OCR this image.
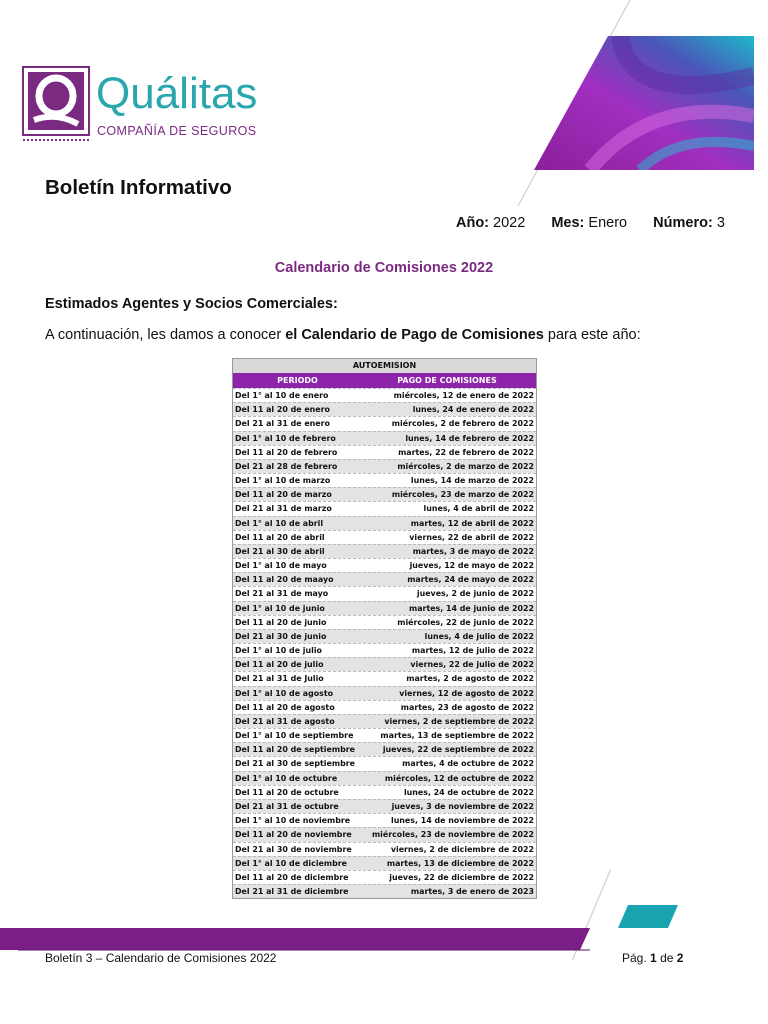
Quálitas
COMPAÑÍA DE SEGUROS
Boletín Informativo
Año: 2022 Mes: Enero Número: 3
Calendario de Comisiones 2022
Estimados Agentes y Socios Comerciales:
A continuación, les damos a conocer el Calendario de Pago de Comisiones para este año:
AUTOEMISION
PERIODO	PAGO DE COMISIONES
Del 1° al 10 de enero	miércoles, 12 de enero de 2022
Del 11 al 20 de enero	lunes, 24 de enero de 2022
Del 21 al 31 de enero	miércoles, 2 de febrero de 2022
Del 1° al 10 de febrero	lunes, 14 de febrero de 2022
Del 11 al 20 de febrero	martes, 22 de febrero de 2022
Del 21 al 28 de febrero	miércoles, 2 de marzo de 2022
Del 1° al 10 de marzo	lunes, 14 de marzo de 2022
Del 11 al 20 de marzo	miércoles, 23 de marzo de 2022
Del 21 al 31 de marzo	lunes, 4 de abril de 2022
Del 1° al 10 de abril	martes, 12 de abril de 2022
Del 11 al 20 de abril	viernes, 22 de abril de 2022
Del 21 al 30 de abril	martes, 3 de mayo de 2022
Del 1° al 10 de mayo	jueves, 12 de mayo de 2022
Del 11 al 20 de maayo	martes, 24 de mayo de 2022
Del 21 al 31 de mayo	jueves, 2 de junio de 2022
Del 1° al 10 de junio	martes, 14 de junio de 2022
Del 11 al 20 de junio	miércoles, 22 de junio de 2022
Del 21 al 30 de junio	lunes, 4 de julio de 2022
Del 1° al 10 de julio	martes, 12 de julio de 2022
Del 11 al 20 de julio	viernes, 22 de julio de 2022
Del 21 al 31 de Julio	martes, 2 de agosto de 2022
Del 1° al 10 de agosto	viernes, 12 de agosto de 2022
Del 11 al 20 de agosto	martes, 23 de agosto de 2022
Del 21 al 31 de agosto	viernes, 2 de septiembre de 2022
Del 1° al 10 de septiembre	martes, 13 de septiembre de 2022
Del 11 al 20 de septiembre	jueves, 22 de septiembre de 2022
Del 21 al 30 de septiembre	martes, 4 de octubre de 2022
Del 1° al 10 de octubre	miércoles, 12 de octubre de 2022
Del 11 al 20 de octubre	lunes, 24 de octubre de 2022
Del 21 al 31 de octubre	jueves, 3 de noviembre de 2022
Del 1° al 10 de noviembre	lunes, 14 de noviembre de 2022
Del 11 al 20 de noviembre	miércoles, 23 de noviembre de 2022
Del 21 al 30 de noviembre	viernes, 2 de diciembre de 2022
Del 1° al 10 de diciembre	martes, 13 de diciembre de 2022
Del 11 al 20 de diciembre	jueves, 22 de diciembre de 2022
Del 21 al 31 de diciembre	martes, 3 de enero de 2023
Boletín 3 – Calendario de Comisiones 2022	Pág. 1 de 2
